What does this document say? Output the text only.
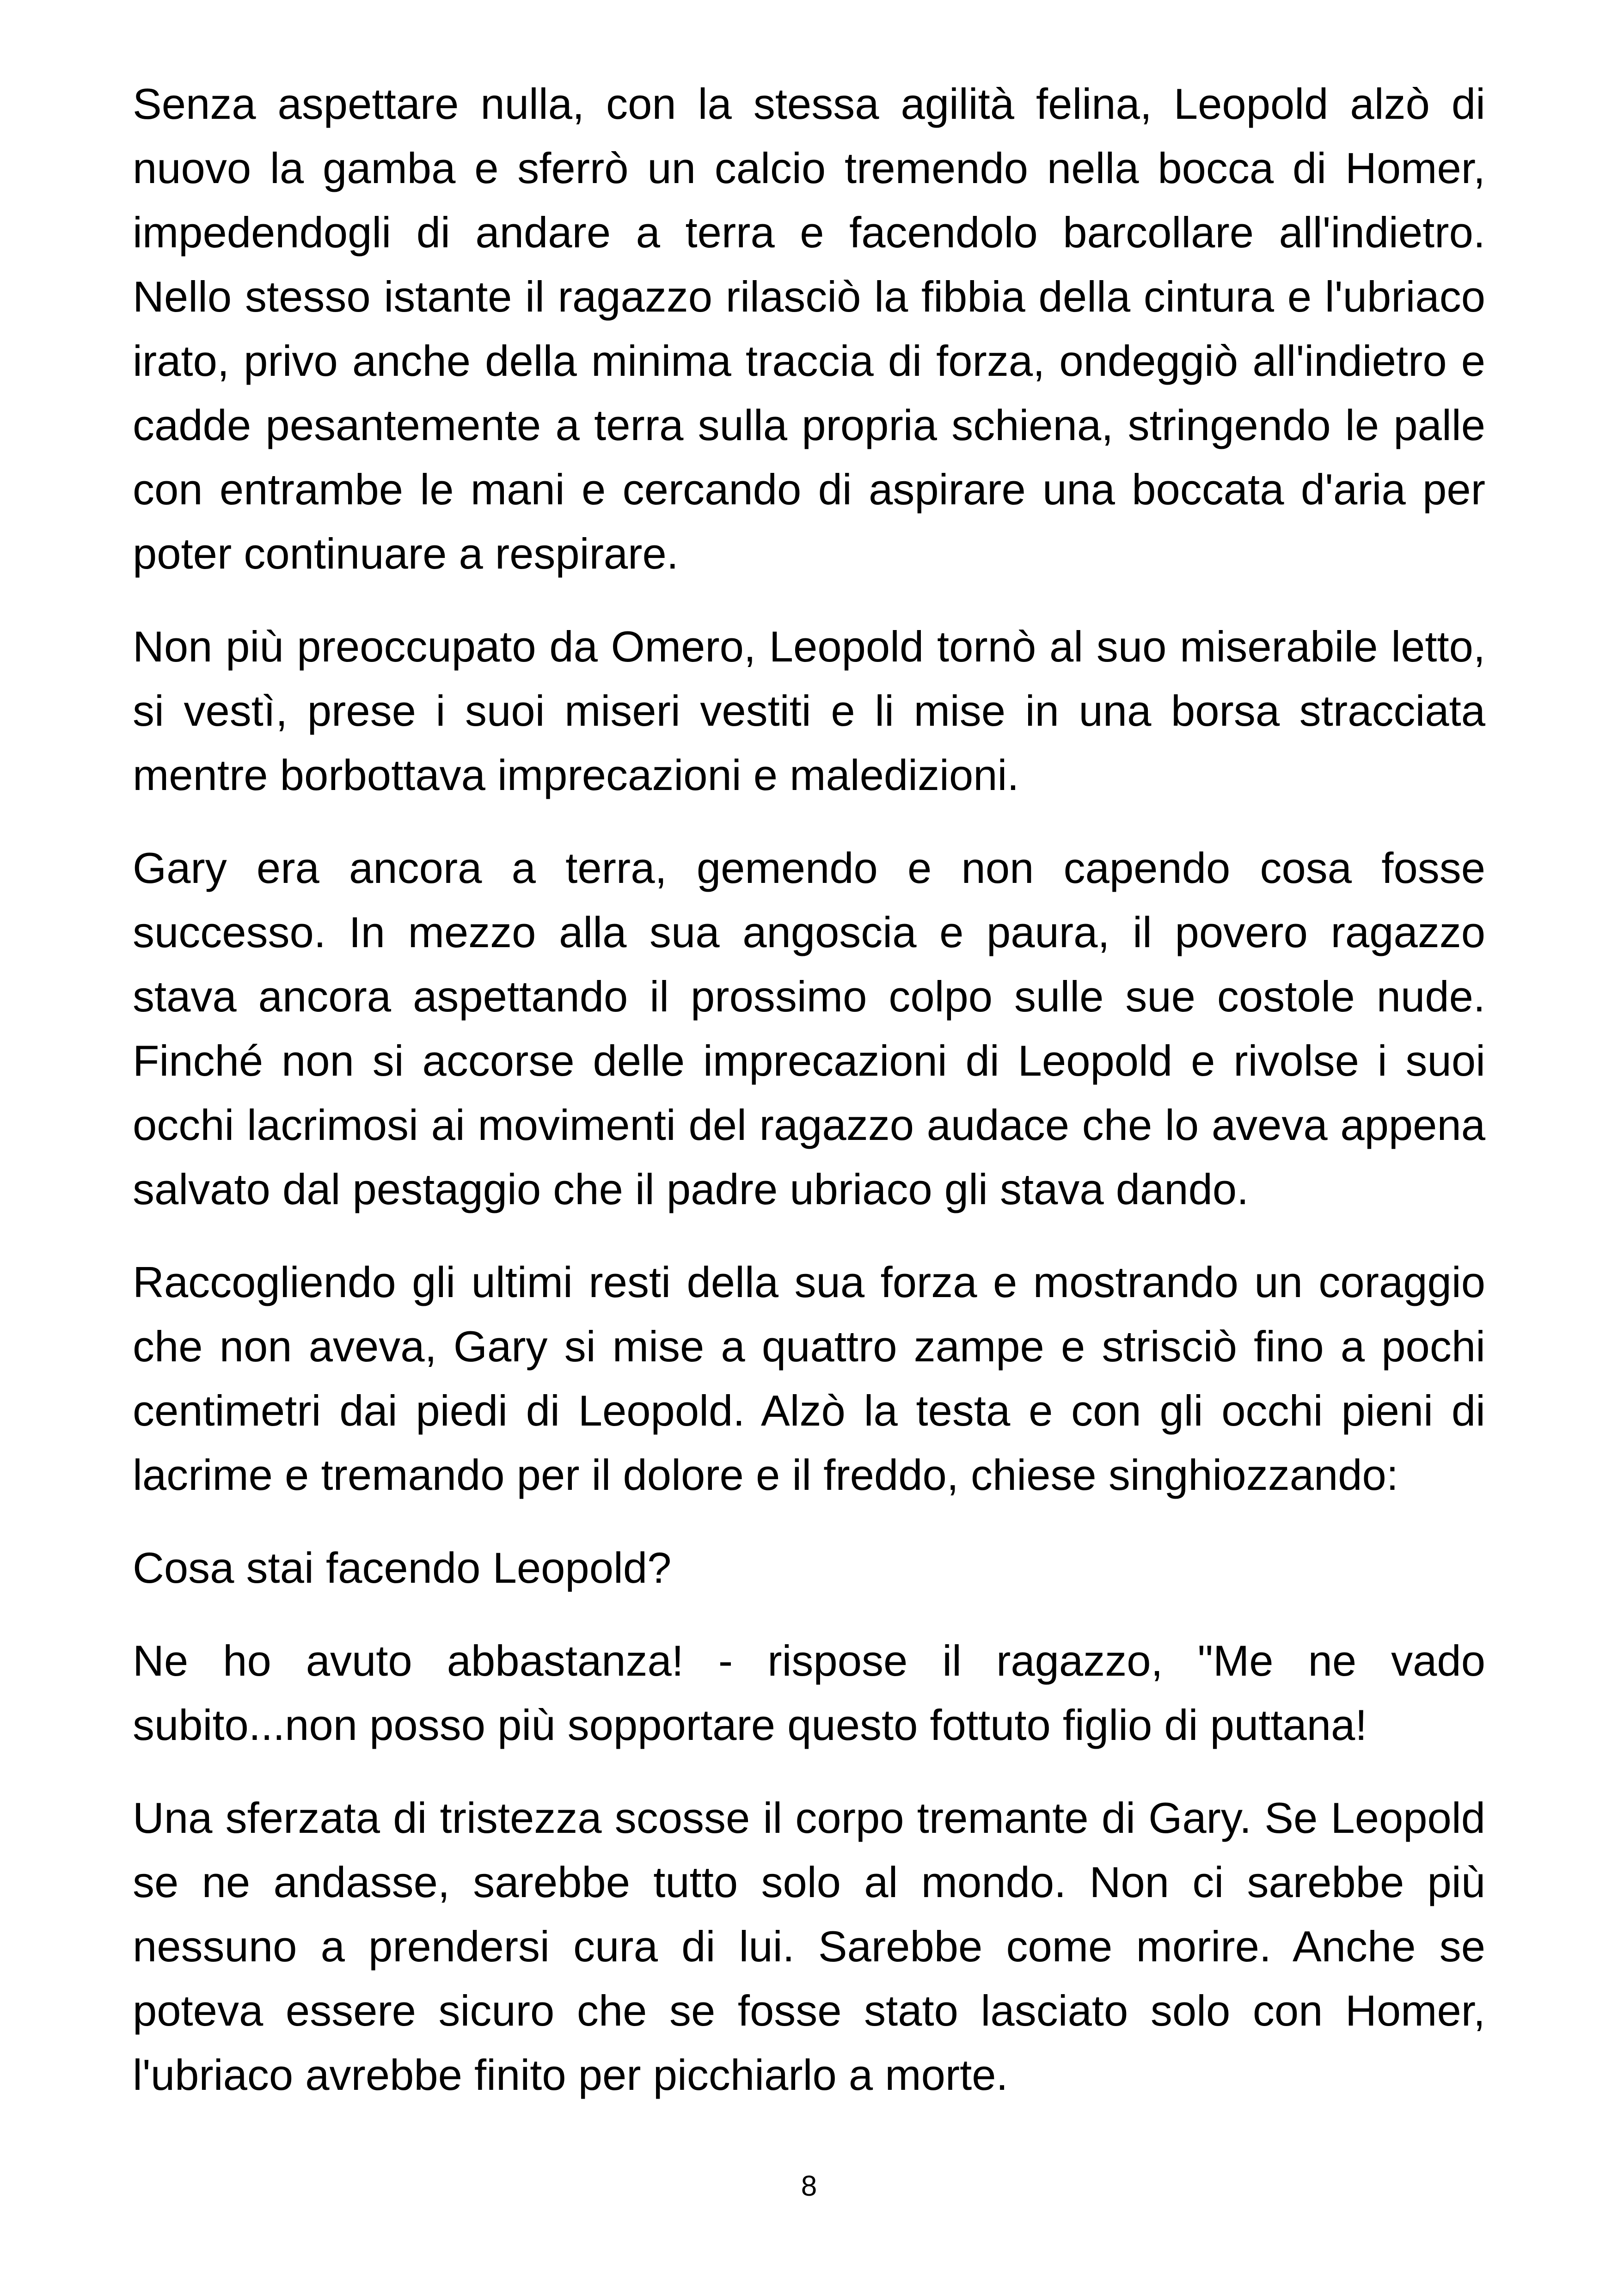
Senza aspettare nulla, con la stessa agilità felina, Leopold alzò di nuovo la gamba e sferrò un calcio tremendo nella bocca di Homer, impedendogli di andare a terra e facendolo barcollare all'indietro. Nello stesso istante il ragazzo rilasciò la fibbia della cintura e l'ubriaco irato, privo anche della minima traccia di forza, ondeggiò all'indietro e cadde pesantemente a terra sulla propria schiena, stringendo le palle con entrambe le mani e cercando di aspirare una boccata d'aria per poter continuare a respirare.

Non più preoccupato da Omero, Leopold tornò al suo miserabile letto, si vestì, prese i suoi miseri vestiti e li mise in una borsa stracciata mentre borbottava imprecazioni e maledizioni.

Gary era ancora a terra, gemendo e non capendo cosa fosse successo. In mezzo alla sua angoscia e paura, il povero ragazzo stava ancora aspettando il prossimo colpo sulle sue costole nude. Finché non si accorse delle imprecazioni di Leopold e rivolse i suoi occhi lacrimosi ai movimenti del ragazzo audace che lo aveva appena salvato dal pestaggio che il padre ubriaco gli stava dando.

Raccogliendo gli ultimi resti della sua forza e mostrando un coraggio che non aveva, Gary si mise a quattro zampe e strisciò fino a pochi centimetri dai piedi di Leopold. Alzò la testa e con gli occhi pieni di lacrime e tremando per il dolore e il freddo, chiese singhiozzando:

Cosa stai facendo Leopold?

Ne ho avuto abbastanza! - rispose il ragazzo, "Me ne vado subito...non posso più sopportare questo fottuto figlio di puttana!

Una sferzata di tristezza scosse il corpo tremante di Gary. Se Leopold se ne andasse, sarebbe tutto solo al mondo. Non ci sarebbe più nessuno a prendersi cura di lui. Sarebbe come morire. Anche se poteva essere sicuro che se fosse stato lasciato solo con Homer, l'ubriaco avrebbe finito per picchiarlo a morte.

8
